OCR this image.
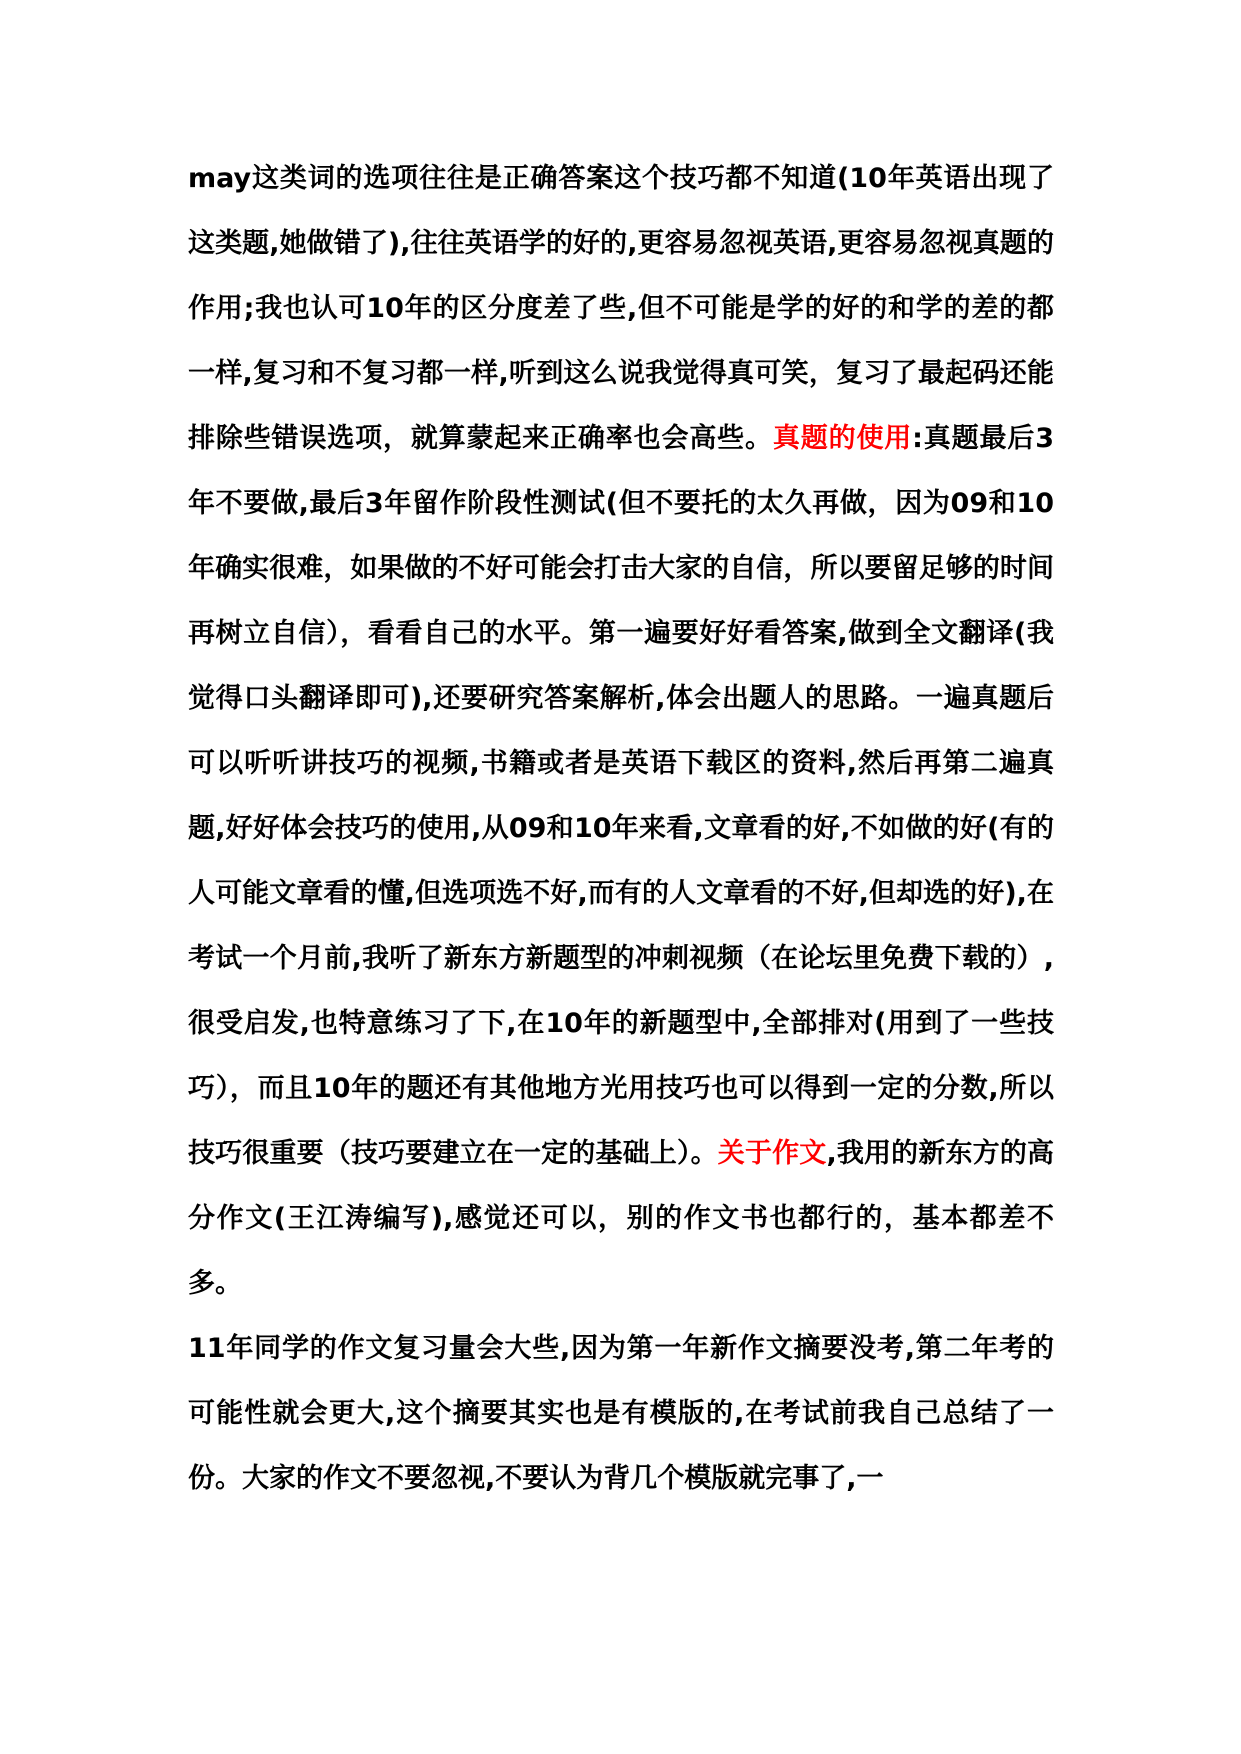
may这类词的选项往往是正确答案这个技巧都不知道(10年英语出现了这类题,她做错了),往往英语学的好的,更容易忽视英语,更容易忽视真题的作用;我也认可10年的区分度差了些,但不可能是学的好的和学的差的都一样,复习和不复习都一样,听到这么说我觉得真可笑，复习了最起码还能排除些错误选项，就算蒙起来正确率也会高些。真题的使用:真题最后3年不要做,最后3年留作阶段性测试(但不要托的太久再做，因为09和10年确实很难，如果做的不好可能会打击大家的自信，所以要留足够的时间再树立自信），看看自己的水平。第一遍要好好看答案,做到全文翻译(我觉得口头翻译即可),还要研究答案解析,体会出题人的思路。一遍真题后可以听听讲技巧的视频,书籍或者是英语下载区的资料,然后再第二遍真题,好好体会技巧的使用,从09和10年来看,文章看的好,不如做的好(有的人可能文章看的懂,但选项选不好,而有的人文章看的不好,但却选的好),在考试一个月前,我听了新东方新题型的冲刺视频（在论坛里免费下载的）,很受启发,也特意练习了下,在10年的新题型中,全部排对(用到了一些技巧），而且10年的题还有其他地方光用技巧也可以得到一定的分数,所以技巧很重要（技巧要建立在一定的基础上）。关于作文,我用的新东方的高分作文(王江涛编写),感觉还可以，别的作文书也都行的，基本都差不多。

11年同学的作文复习量会大些,因为第一年新作文摘要没考,第二年考的可能性就会更大,这个摘要其实也是有模版的,在考试前我自己总结了一份。大家的作文不要忽视,不要认为背几个模版就完事了,一
